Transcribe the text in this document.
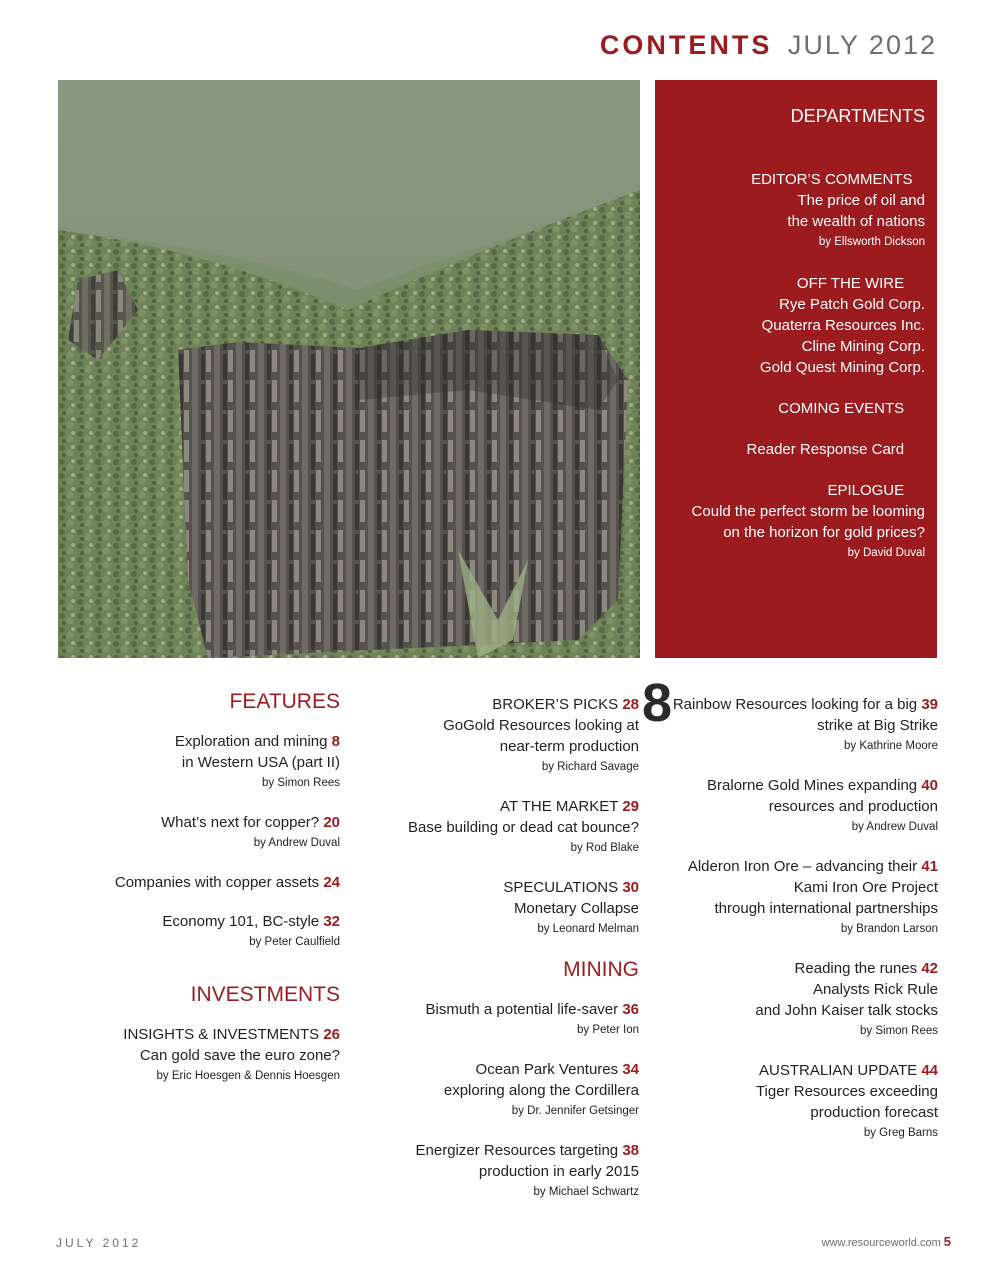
CONTENTS JULY 2012
8
DEPARTMENTS
EDITOR’S COMMENTS 7
The price of oil and
the wealth of nations
by Ellsworth Dickson
OFF THE WIRE 45
Rye Patch Gold Corp.
Quaterra Resources Inc.
Cline Mining Corp.
Gold Quest Mining Corp.
COMING EVENTS 51
Reader Response Card 51
EPILOGUE 54
Could the perfect storm be looming
on the horizon for gold prices?
by David Duval
FEATURES
Exploration and mining 8
in Western USA (part II)
by Simon Rees
What’s next for copper? 20
by Andrew Duval
Companies with copper assets 24
Economy 101, BC-style 32
by Peter Caulfield
INVESTMENTS
INSIGHTS & INVESTMENTS 26
Can gold save the euro zone?
by Eric Hoesgen & Dennis Hoesgen
BROKER’S PICKS 28
GoGold Resources looking at
near-term production
by Richard Savage
AT THE MARKET 29
Base building or dead cat bounce?
by Rod Blake
SPECULATIONS 30
Monetary Collapse
by Leonard Melman
MINING
Bismuth a potential life-saver 36
by Peter Ion
Ocean Park Ventures 34
exploring along the Cordillera
by Dr. Jennifer Getsinger
Energizer Resources targeting 38
production in early 2015
by Michael Schwartz
Rainbow Resources looking for a big 39
strike at Big Strike
by Kathrine Moore
Bralorne Gold Mines expanding 40
resources and production
by Andrew Duval
Alderon Iron Ore – advancing their 41
Kami Iron Ore Project
through international partnerships
by Brandon Larson
Reading the runes 42
Analysts Rick Rule
and John Kaiser talk stocks
by Simon Rees
AUSTRALIAN UPDATE 44
Tiger Resources exceeding
production forecast
by Greg Barns
JULY 2012	www.resourceworld.com 5
